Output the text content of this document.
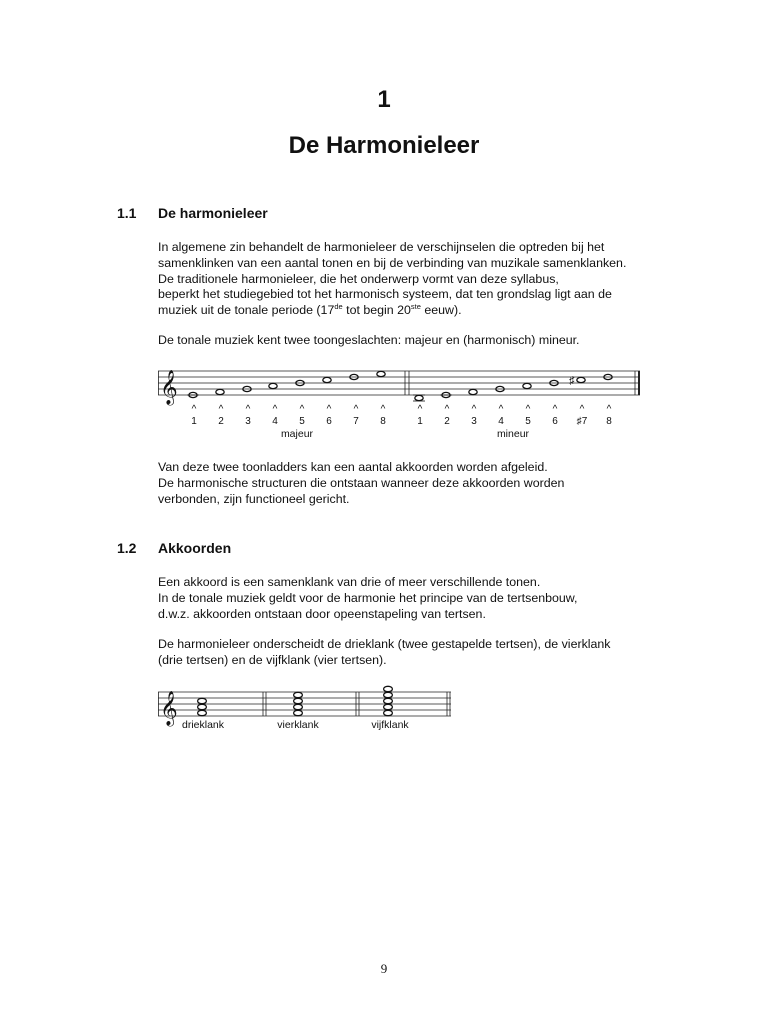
1
De Harmonieleer
1.1 De harmonieleer
In algemene zin behandelt de harmonieleer de verschijnselen die optreden bij het
samenklinken van een aantal tonen en bij de verbinding van muzikale samenklanken.
De traditionele harmonieleer, die het onderwerp vormt van deze syllabus,
beperkt het studiegebied tot het harmonisch systeem, dat ten grondslag ligt aan de
muziek uit de tonale periode (17de tot begin 20ste eeuw).
De tonale muziek kent twee toongeslachten: majeur en (harmonisch) mineur.
𝄞	♯
^
1
^
2
^
3
^
4
^
5
^
6
^
7
^
8
^
1
^
2
^
3
^
4
^
5
^
6
^
♯7
^
8
majeur	mineur
Van deze twee toonladders kan een aantal akkoorden worden afgeleid.
De harmonische structuren die ontstaan wanneer deze akkoorden worden
verbonden, zijn functioneel gericht.
1.2 Akkoorden
Een akkoord is een samenklank van drie of meer verschillende tonen.
In de tonale muziek geldt voor de harmonie het principe van de tertsenbouw,
d.w.z. akkoorden ontstaan door opeenstapeling van tertsen.
De harmonieleer onderscheidt de drieklank (twee gestapelde tertsen), de vierklank
(drie tertsen) en de vijfklank (vier tertsen).
𝄞 drieklank	vierklank	vijfklank
9
